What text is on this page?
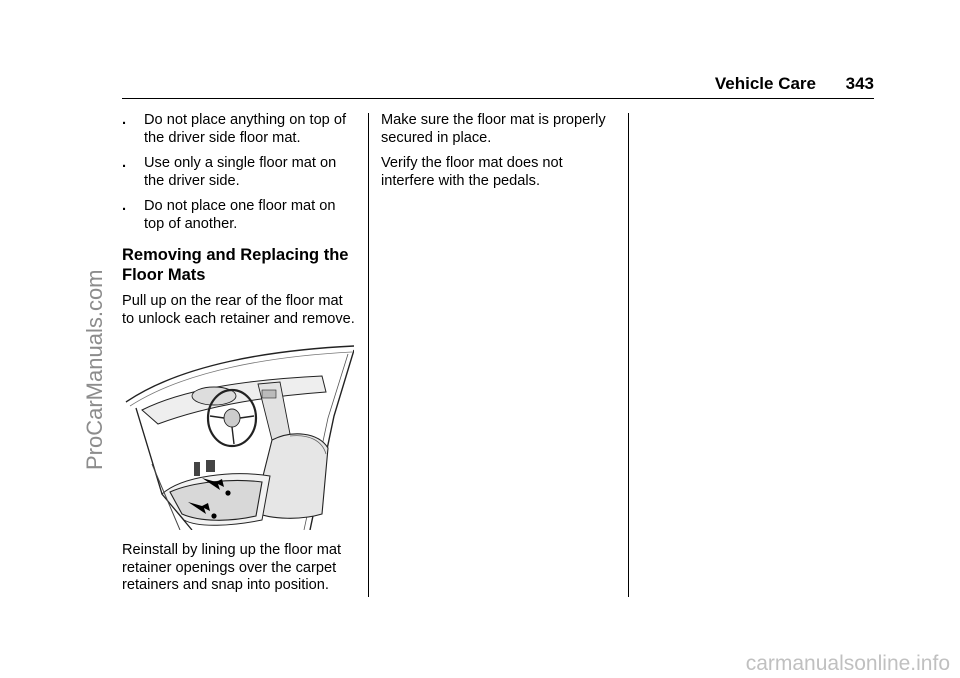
ProCarManuals.com
Vehicle Care 343
. Do not place anything on top of the driver side floor mat.
. Use only a single floor mat on the driver side.
. Do not place one floor mat on top of another.
Removing and Replacing the Floor Mats

Pull up on the rear of the floor mat to unlock each retainer and remove.

Reinstall by lining up the floor mat retainer openings over the carpet retainers and snap into position.

Make sure the floor mat is properly secured in place.

Verify the floor mat does not interfere with the pedals.

carmanualsonline.info
